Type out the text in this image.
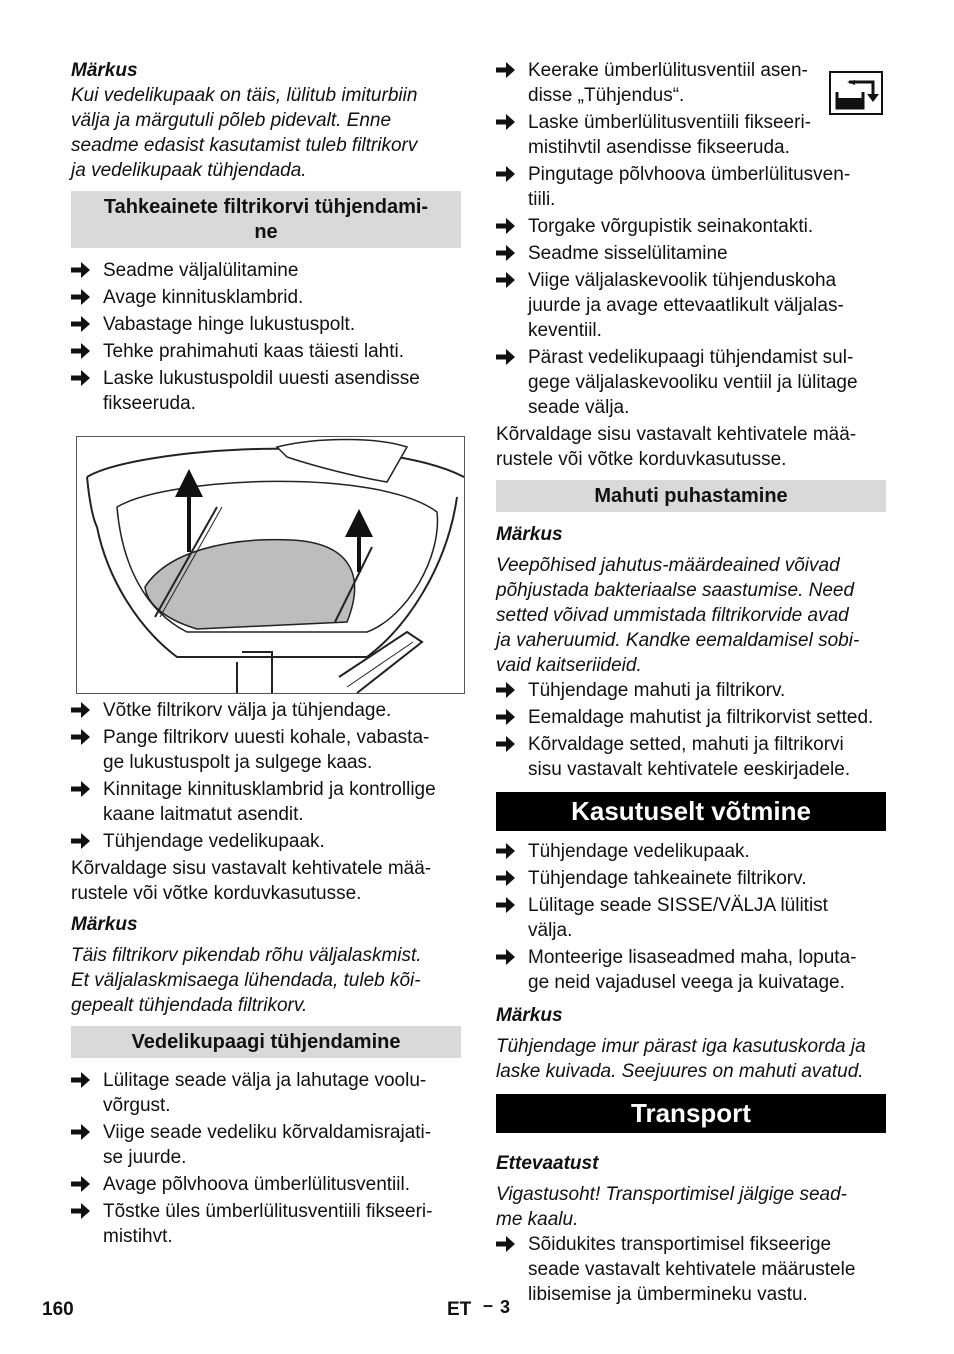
Märkus

Kui vedelikupaak on täis, lülitub imiturbiin
välja ja märgutuli põleb pidevalt. Enne
seadme edasist kasutamist tuleb filtrikorv
ja vedelikupaak tühjendada.
Tahkeainete filtrikorvi tühjendami-
ne
Seadme väljalülitamine
Avage kinnitusklambrid.
Vabastage hinge lukustuspolt.
Tehke prahimahuti kaas täiesti lahti.
Laske lukustuspoldil uuesti asendisse
fikseeruda.
Võtke filtrikorv välja ja tühjendage.
Pange filtrikorv uuesti kohale, vabasta-
ge lukustuspolt ja sulgege kaas.
Kinnitage kinnitusklambrid ja kontrollige
kaane laitmatut asendit.
Tühjendage vedelikupaak.
Kõrvaldage sisu vastavalt kehtivatele mää-
rustele või võtke korduvkasutusse.

Märkus

Täis filtrikorv pikendab rõhu väljalaskmist.
Et väljalaskmisaega lühendada, tuleb kõi-
gepealt tühjendada filtrikorv.
Vedelikupaagi tühjendamine
Lülitage seade välja ja lahutage voolu-
võrgust.
Viige seade vedeliku kõrvaldamisrajati-
se juurde.
Avage põlvhoova ümberlülitusventiil.
Tõstke üles ümberlülitusventiili fikseeri-
mistihvt.
Keerake ümberlülitusventiil asen-
disse „Tühjendus“.
Laske ümberlülitusventiili fikseeri-
mistihvtil asendisse fikseeruda.
Pingutage põlvhoova ümberlülitusven-
tiili.
Torgake võrgupistik seinakontakti.
Seadme sisselülitamine
Viige väljalaskevoolik tühjenduskoha
juurde ja avage ettevaatlikult väljalas-
keventiil.
Pärast vedelikupaagi tühjendamist sul-
gege väljalaskevooliku ventiil ja lülitage
seade välja.
Kõrvaldage sisu vastavalt kehtivatele mää-
rustele või võtke korduvkasutusse.
Mahuti puhastamine

Märkus

Veepõhised jahutus-määrdeained võivad
põhjustada bakteriaalse saastumise. Need
setted võivad ummistada filtrikorvide avad
ja vaheruumid. Kandke eemaldamisel sobi-
vaid kaitseriideid.
Tühjendage mahuti ja filtrikorv.
Eemaldage mahutist ja filtrikorvist setted.
Kõrvaldage setted, mahuti ja filtrikorvi
sisu vastavalt kehtivatele eeskirjadele.
Kasutuselt võtmine
Tühjendage vedelikupaak.
Tühjendage tahkeainete filtrikorv.
Lülitage seade SISSE/VÄLJA lülitist
välja.
Monteerige lisaseadmed maha, loputa-
ge neid vajadusel veega ja kuivatage.

Märkus

Tühjendage imur pärast iga kasutuskorda ja
laske kuivada. Seejuures on mahuti avatud.
Transport

Ettevaatust

Vigastusoht! Transportimisel jälgige sead-
me kaalu.
Sõidukites transportimisel fikseerige
seade vastavalt kehtivatele määrustele
libisemise ja ümbermineku vastu.
160	ET – 3
